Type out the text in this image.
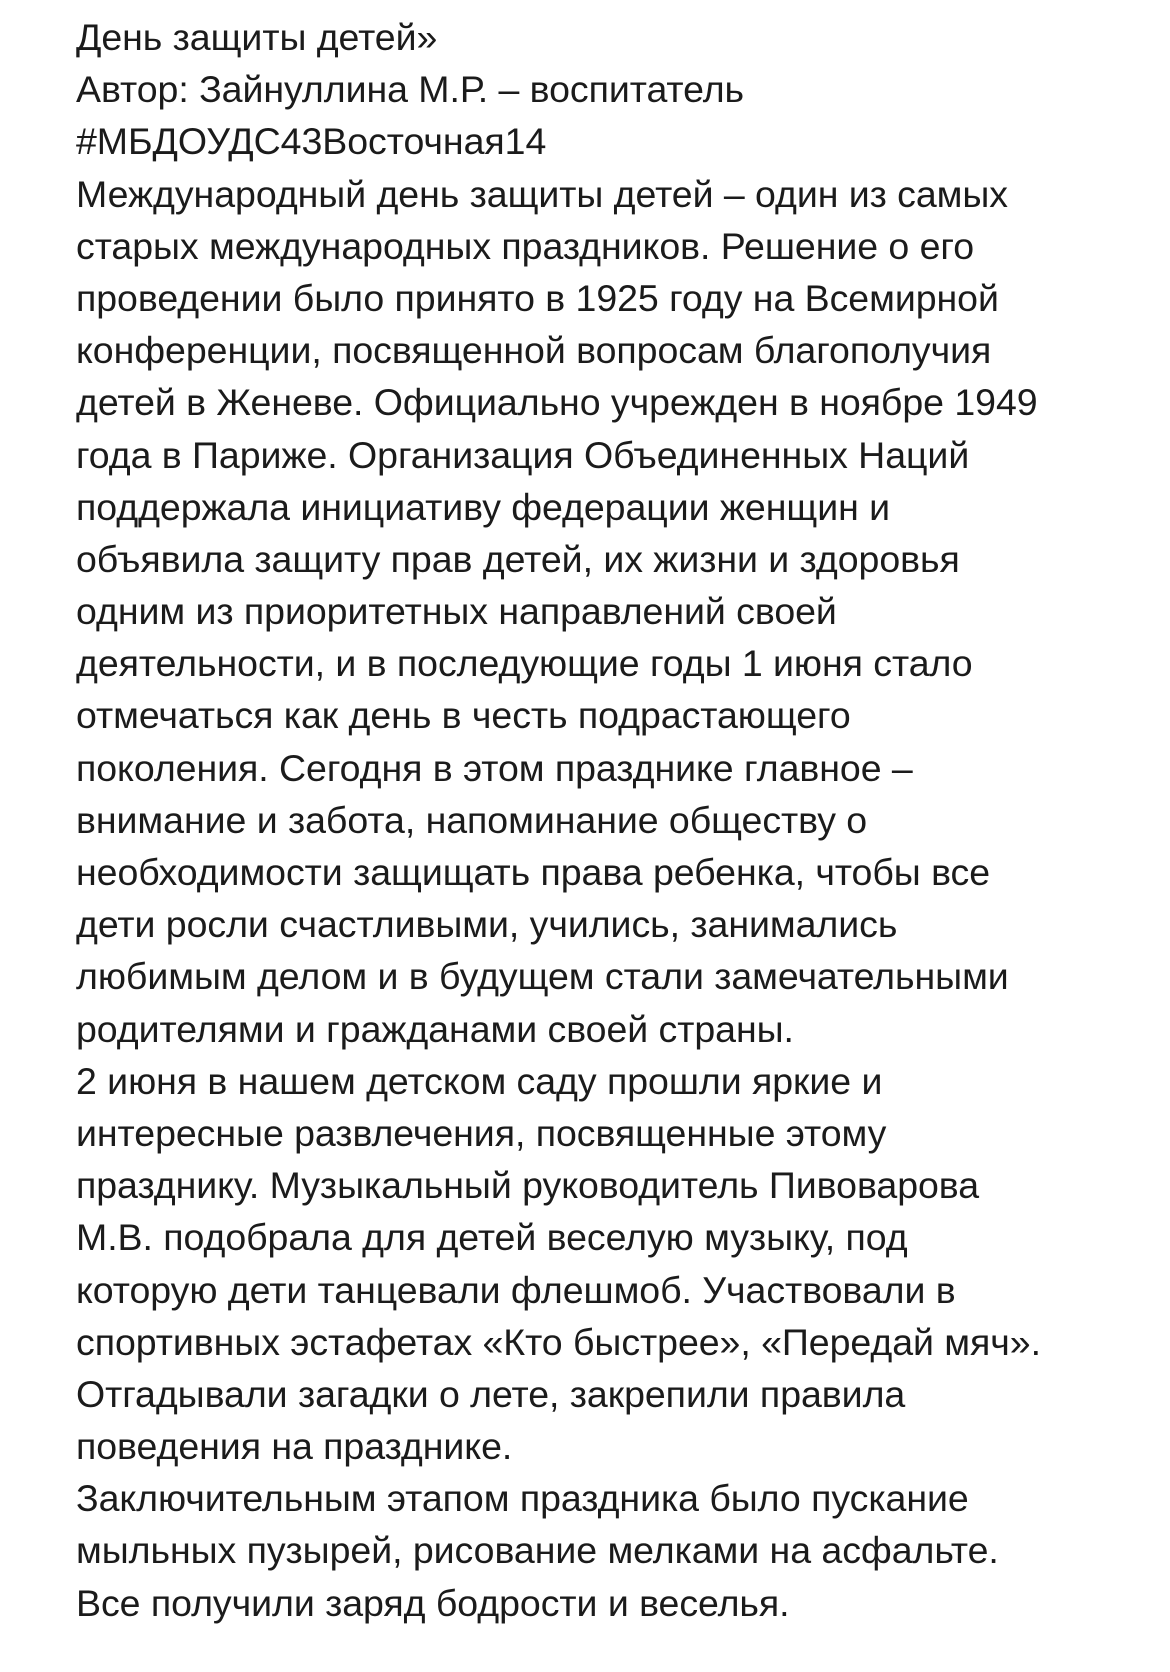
День защиты детей»
Автор: Зайнуллина М.Р. – воспитатель
#МБДОУДС43Восточная14
Международный день защиты детей – один из самых
старых международных праздников. Решение о его
проведении было принято в 1925 году на Всемирной
конференции, посвященной вопросам благополучия
детей в Женеве. Официально учрежден в ноябре 1949
года в Париже. Организация Объединенных Наций
поддержала инициативу федерации женщин и
объявила защиту прав детей, их жизни и здоровья
одним из приоритетных направлений своей
деятельности, и в последующие годы 1 июня стало
отмечаться как день в честь подрастающего
поколения. Сегодня в этом празднике главное –
внимание и забота, напоминание обществу о
необходимости защищать права ребенка, чтобы все
дети росли счастливыми, учились, занимались
любимым делом и в будущем стали замечательными
родителями и гражданами своей страны.
2 июня в нашем детском саду прошли яркие и
интересные развлечения, посвященные этому
празднику. Музыкальный руководитель Пивоварова
М.В. подобрала для детей веселую музыку, под
которую дети танцевали флешмоб. Участвовали в
спортивных эстафетах «Кто быстрее», «Передай мяч».
Отгадывали загадки о лете, закрепили правила
поведения на празднике.
Заключительным этапом праздника было пускание
мыльных пузырей, рисование мелками на асфальте.
Все получили заряд бодрости и веселья.
